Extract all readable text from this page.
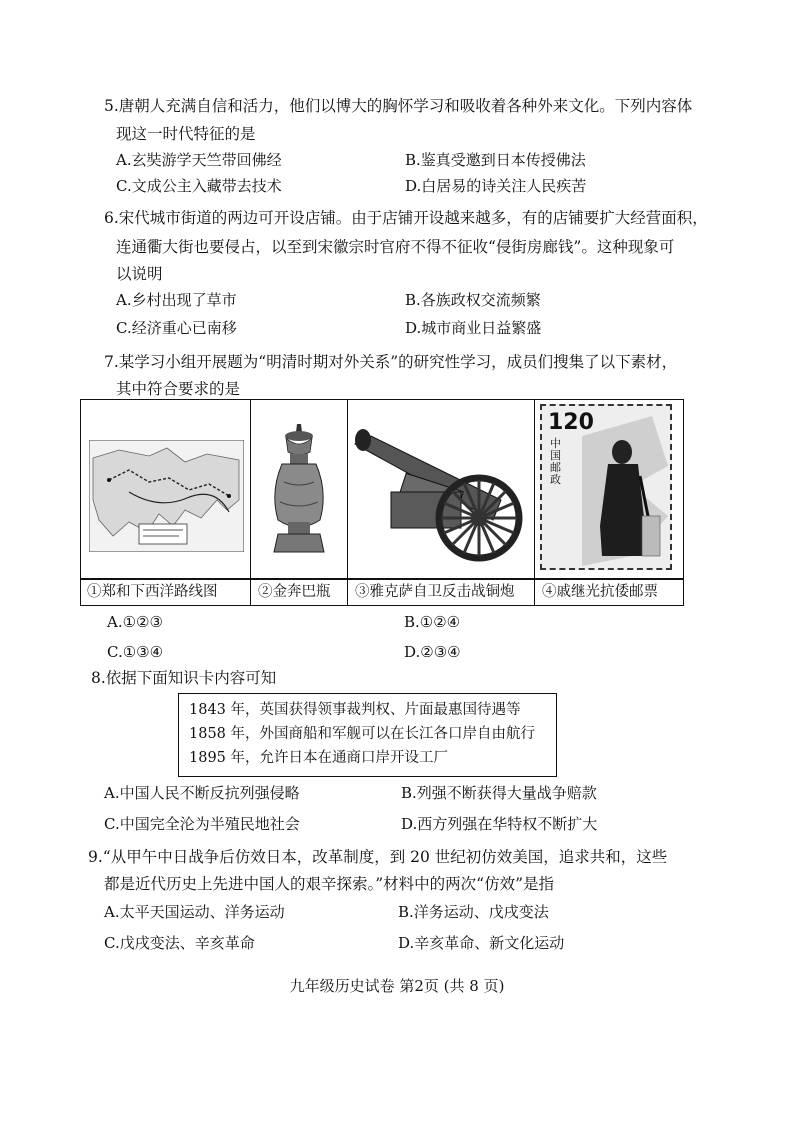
5.唐朝人充满自信和活力，他们以博大的胸怀学习和吸收着各种外来文化。下列内容体
现这一时代特征的是
A.玄奘游学天竺带回佛经	B.鉴真受邀到日本传授佛法
C.文成公主入藏带去技术	D.白居易的诗关注人民疾苦
6.宋代城市街道的两边可开设店铺。由于店铺开设越来越多，有的店铺要扩大经营面积，
连通衢大街也要侵占，以至到宋徽宗时官府不得不征收“侵街房廊钱”。这种现象可
以说明
A.乡村出现了草市	B.各族政权交流频繁
C.经济重心已南移	D.城市商业日益繁盛
7.某学习小组开展题为“明清时期对外关系”的研究性学习，成员们搜集了以下素材，
其中符合要求的是
①郑和下西洋路线图	②金奔巴瓶 ③雅克萨自卫反击战铜炮
120
中国邮政
④戚继光抗倭邮票
A.①②③	B.①②④
C.①③④	D.②③④
8.依据下面知识卡内容可知
1843 年，英国获得领事裁判权、片面最惠国待遇等
1858 年，外国商船和军舰可以在长江各口岸自由航行
1895 年，允许日本在通商口岸开设工厂
A.中国人民不断反抗列强侵略	B.列强不断获得大量战争赔款
C.中国完全沦为半殖民地社会	D.西方列强在华特权不断扩大
9.“从甲午中日战争后仿效日本，改革制度，到 20 世纪初仿效美国，追求共和，这些
都是近代历史上先进中国人的艰辛探索。”材料中的两次“仿效”是指
A.太平天国运动、洋务运动	B.洋务运动、戊戌变法
C.戊戌变法、辛亥革命	D.辛亥革命、新文化运动
九年级历史试卷 第2页 (共 8 页)
